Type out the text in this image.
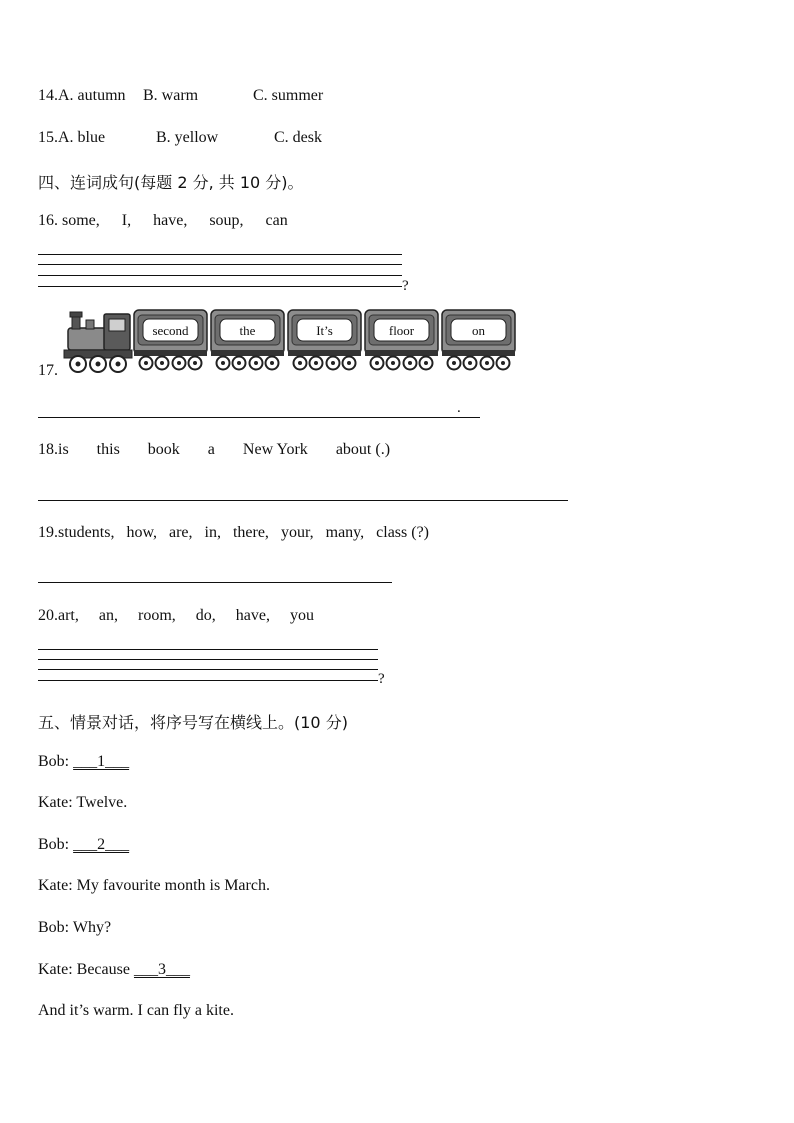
14.A. autumn B. warm	C. summer
15.A. blue	B. yellow	C. desk
四、连词成句(每题 2 分, 共 10 分)。
16. some, I, have, soup, can
?
17.
second	the	It’s	floor	on
.
18.is this book a New York about (.)
19.students, how, are, in, there, your, many, class (?)
20.art, an, room, do, have, you
?
五、情景对话，将序号写在横线上。(10 分)
Bob: ___1___
Kate: Twelve.
Bob: ___2___
Kate: My favourite month is March.
Bob: Why?
Kate: Because ___3___
And it’s warm. I can fly a kite.
